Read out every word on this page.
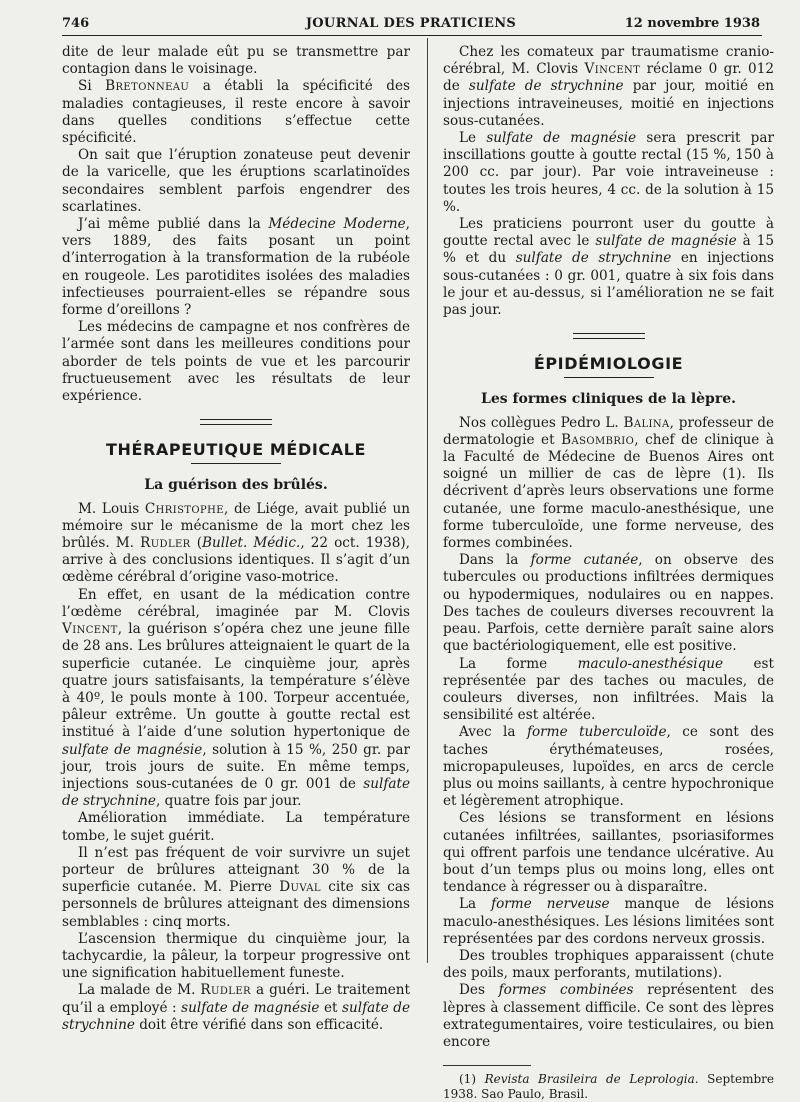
746	JOURNAL DES PRATICIENS	12 novembre 1938

dite de leur malade eût pu se transmettre par contagion dans le voisinage.

Si Bretonneau a établi la spécificité des maladies contagieuses, il reste encore à savoir dans quelles conditions s’effectue cette spécificité.

On sait que l’éruption zonateuse peut devenir de la varicelle, que les éruptions scarlatinoïdes secondaires semblent parfois engendrer des scarlatines.

J’ai même publié dans la Médecine Moderne, vers 1889, des faits posant un point d’interrogation à la transformation de la rubéole en rougeole. Les parotidites isolées des maladies infectieuses pourraient-elles se répandre sous forme d’oreillons ?

Les médecins de campagne et nos confrères de l’armée sont dans les meilleures conditions pour aborder de tels points de vue et les parcourir fructueusement avec les résultats de leur expérience.

THÉRAPEUTIQUE MÉDICALE
La guérison des brûlés.

M. Louis Christophe, de Liége, avait publié un mémoire sur le mécanisme de la mort chez les brûlés. M. Rudler (Bullet. Médic., 22 oct. 1938), arrive à des conclusions identiques. Il s’agit d’un œdème cérébral d’origine vaso-motrice.

En effet, en usant de la médication contre l’œdème cérébral, imaginée par M. Clovis Vincent, la guérison s’opéra chez une jeune fille de 28 ans. Les brûlures atteignaient le quart de la superficie cutanée. Le cinquième jour, après quatre jours satisfaisants, la température s’élève à 40º, le pouls monte à 100. Torpeur accentuée, pâleur extrême. Un goutte à goutte rectal est institué à l’aide d’une solution hypertonique de sulfate de magnésie, solution à 15 %, 250 gr. par jour, trois jours de suite. En même temps, injections sous-cutanées de 0 gr. 001 de sulfate de strychnine, quatre fois par jour.

Amélioration immédiate. La température tombe, le sujet guérit.

Il n’est pas fréquent de voir survivre un sujet porteur de brûlures atteignant 30 % de la superficie cutanée. M. Pierre Duval cite six cas personnels de brûlures atteignant des dimensions semblables : cinq morts.

L’ascension thermique du cinquième jour, la tachycardie, la pâleur, la torpeur progressive ont une signification habituellement funeste.

La malade de M. Rudler a guéri. Le traitement qu’il a employé : sulfate de magnésie et sulfate de strychnine doit être vérifié dans son efficacité.

Chez les comateux par traumatisme cranio-cérébral, M. Clovis Vincent réclame 0 gr. 012 de sulfate de strychnine par jour, moitié en injections intraveineuses, moitié en injections sous-cutanées.

Le sulfate de magnésie sera prescrit par inscillations goutte à goutte rectal (15 %, 150 à 200 cc. par jour). Par voie intraveineuse : toutes les trois heures, 4 cc. de la solution à 15 %.

Les praticiens pourront user du goutte à goutte rectal avec le sulfate de magnésie à 15 % et du sulfate de strychnine en injections sous-cutanées : 0 gr. 001, quatre à six fois dans le jour et au-dessus, si l’amélioration ne se fait pas jour.

ÉPIDÉMIOLOGIE
Les formes cliniques de la lèpre.

Nos collègues Pedro L. Balina, professeur de dermatologie et Basombrio, chef de clinique à la Faculté de Médecine de Buenos Aires ont soigné un millier de cas de lèpre (1). Ils décrivent d’après leurs observations une forme cutanée, une forme maculo-anesthésique, une forme tuberculoïde, une forme nerveuse, des formes combinées.

Dans la forme cutanée, on observe des tubercules ou productions infiltrées dermiques ou hypodermiques, nodulaires ou en nappes. Des taches de couleurs diverses recouvrent la peau. Parfois, cette dernière paraît saine alors que bactériologiquement, elle est positive.

La forme maculo-anesthésique est représentée par des taches ou macules, de couleurs diverses, non infiltrées. Mais la sensibilité est altérée.

Avec la forme tuberculoïde, ce sont des taches érythémateuses, rosées, micropapuleuses, lupoïdes, en arcs de cercle plus ou moins saillants, à centre hypochronique et légèrement atrophique.

Ces lésions se transforment en lésions cutanées infiltrées, saillantes, psoriasiformes qui offrent parfois une tendance ulcérative. Au bout d’un temps plus ou moins long, elles ont tendance à régresser ou à disparaître.

La forme nerveuse manque de lésions maculo-anesthésiques. Les lésions limitées sont représentées par des cordons nerveux grossis.

Des troubles trophiques apparaissent (chute des poils, maux perforants, mutilations).

Des formes combinées représentent des lèpres à classement difficile. Ce sont des lèpres extrategumentaires, voire testiculaires, ou bien encore

(1) Revista Brasileira de Leprologia. Septembre 1938. Sao Paulo, Brasil.
